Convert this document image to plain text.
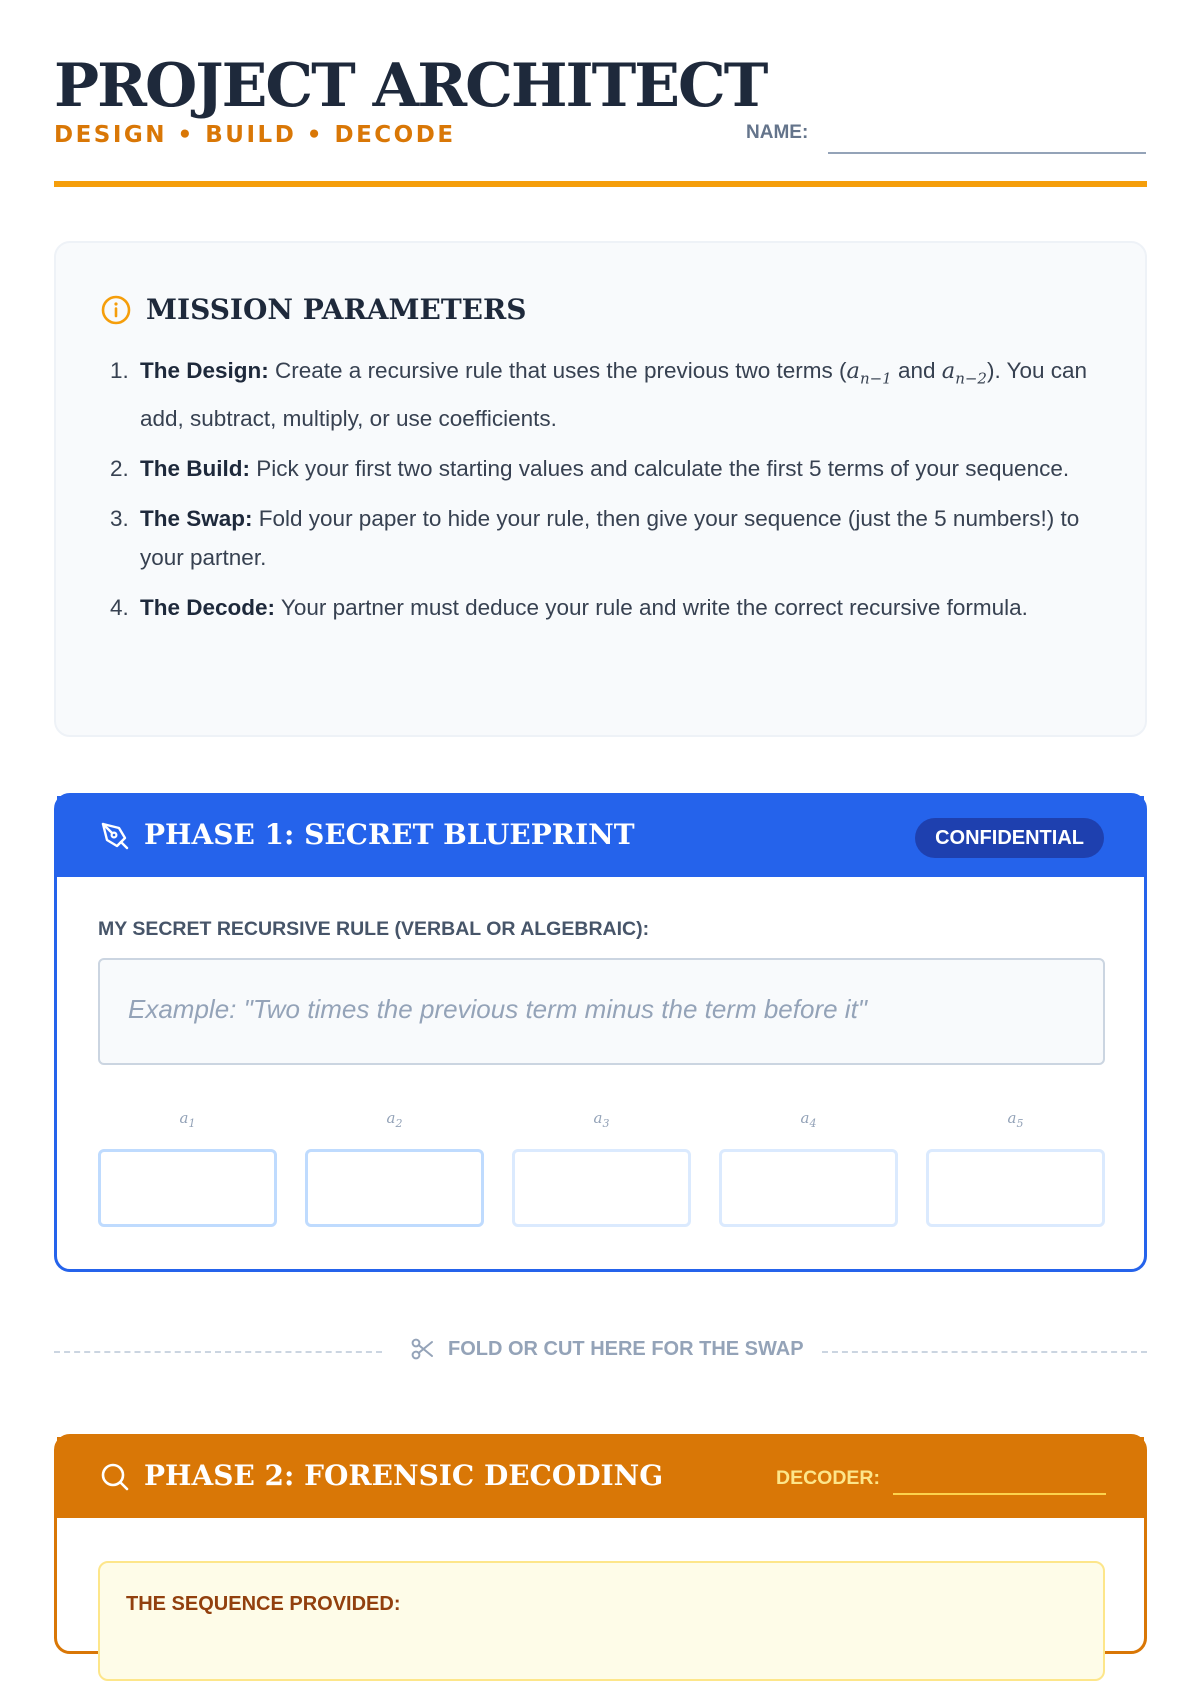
PROJECT ARCHITECT
DESIGN • BUILD • DECODE	NAME:
MISSION PARAMETERS
1. The Design: Create a recursive rule that uses the previous two terms ($a_{n-1}$ and $a_{n-2}$). You can add, subtract, multiply, or use coefficients.
2. The Build: Pick your first two starting values and calculate the first 5 terms of your sequence.
3. The Swap: Fold your paper to hide your rule, then give your sequence (just the 5 numbers!) to your partner.
4. The Decode: Your partner must deduce your rule and write the correct recursive formula.
PHASE 1: SECRET BLUEPRINT	CONFIDENTIAL
MY SECRET RECURSIVE RULE (VERBAL OR ALGEBRAIC):
Example: "Two times the previous term minus the term before it"
$a_1$	$a_2$	$a_3$	$a_4$	$a_5$
FOLD OR CUT HERE FOR THE SWAP
PHASE 2: FORENSIC DECODING	DECODER:
THE SEQUENCE PROVIDED:
